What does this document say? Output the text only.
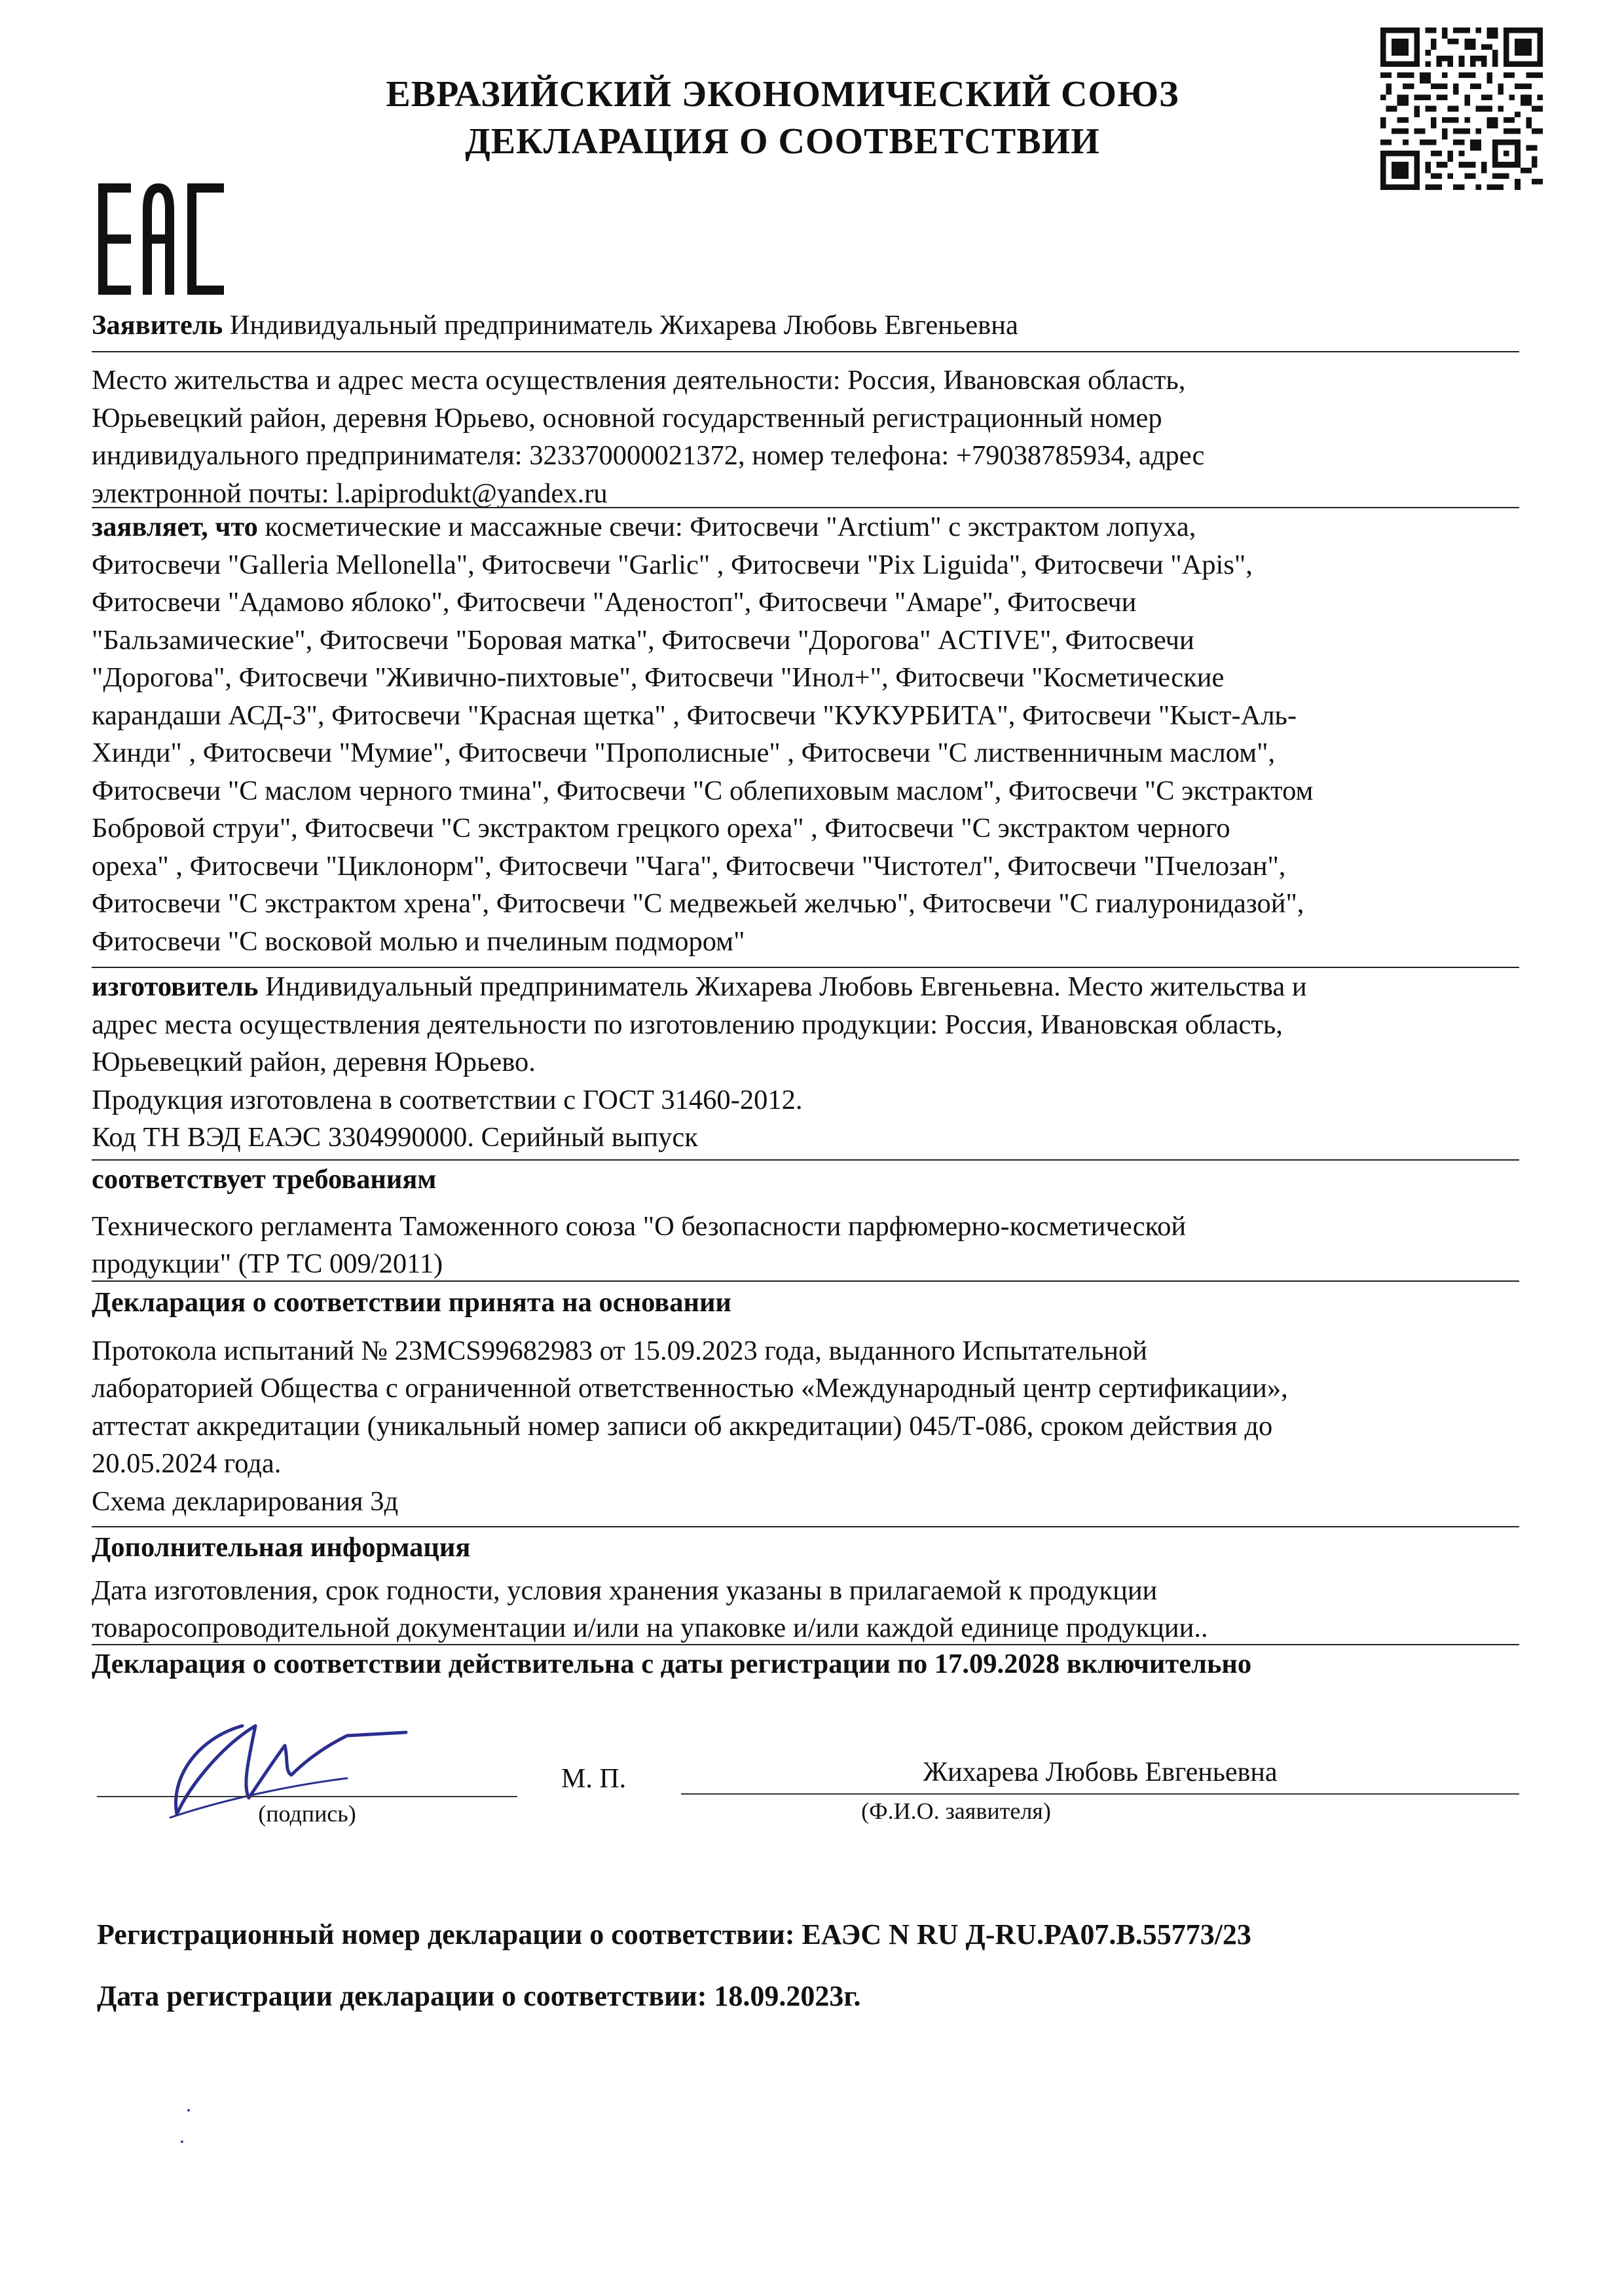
ЕВРАЗИЙСКИЙ ЭКОНОМИЧЕСКИЙ СОЮЗ
ДЕКЛАРАЦИЯ О СООТВЕТСТВИИ

Заявитель Индивидуальный предприниматель Жихарева Любовь Евгеньевна

Место жительства и адрес места осуществления деятельности: Россия, Ивановская область,

Юрьевецкий район, деревня Юрьево, основной государственный регистрационный номер

индивидуального предпринимателя: 323370000021372, номер телефона: +79038785934, адрес

электронной почты: l.apiprodukt@yandex.ru

заявляет, что косметические и массажные свечи: Фитосвечи "Arctium" с экстрактом лопуха,

Фитосвечи "Galleria Mellonella", Фитосвечи "Garlic" , Фитосвечи "Pix Liguida", Фитосвечи "Apis",

Фитосвечи "Адамово яблоко", Фитосвечи "Аденостоп", Фитосвечи "Амаре", Фитосвечи

"Бальзамические", Фитосвечи "Боровая матка", Фитосвечи "Дорогова" ACTIVE", Фитосвечи

"Дорогова", Фитосвечи "Живично-пихтовые", Фитосвечи "Инол+", Фитосвечи "Косметические

карандаши АСД-3", Фитосвечи "Красная щетка" , Фитосвечи "КУКУРБИТА", Фитосвечи "Кыст-Аль-

Хинди" , Фитосвечи "Мумие", Фитосвечи "Прополисные" , Фитосвечи "С лиственничным маслом",

Фитосвечи "С маслом черного тмина", Фитосвечи "С облепиховым маслом", Фитосвечи "С экстрактом

Бобровой струи", Фитосвечи "С экстрактом грецкого ореха" , Фитосвечи "С экстрактом черного

ореха" , Фитосвечи "Циклонорм", Фитосвечи "Чага", Фитосвечи "Чистотел", Фитосвечи "Пчелозан",

Фитосвечи "С экстрактом хрена", Фитосвечи "С медвежьей желчью", Фитосвечи "С гиалуронидазой",

Фитосвечи "С восковой молью и пчелиным подмором"

изготовитель Индивидуальный предприниматель Жихарева Любовь Евгеньевна. Место жительства и

адрес места осуществления деятельности по изготовлению продукции: Россия, Ивановская область,

Юрьевецкий район, деревня Юрьево.

Продукция изготовлена в соответствии с ГОСТ 31460-2012.

Код ТН ВЭД ЕАЭС 3304990000. Серийный выпуск

соответствует требованиям

Технического регламента Таможенного союза "О безопасности парфюмерно-косметической

продукции" (ТР ТС 009/2011)

Декларация о соответствии принята на основании

Протокола испытаний № 23MCS99682983 от 15.09.2023 года, выданного Испытательной

лабораторией Общества с ограниченной ответственностью «Международный центр сертификации»,

аттестат аккредитации (уникальный номер записи об аккредитации) 045/Т-086, сроком действия до

20.05.2024 года.

Схема декларирования 3д

Дополнительная информация

Дата изготовления, срок годности, условия хранения указаны в прилагаемой к продукции

товаросопроводительной документации и/или на упаковке и/или каждой единице продукции..

Декларация о соответствии действительна с даты регистрации по 17.09.2028 включительно
(подпись)
М. П.	Жихарева Любовь Евгеньевна
(Ф.И.О. заявителя)
Регистрационный номер декларации о соответствии: ЕАЭС N RU Д-RU.PA07.B.55773/23
Дата регистрации декларации о соответствии: 18.09.2023г.
